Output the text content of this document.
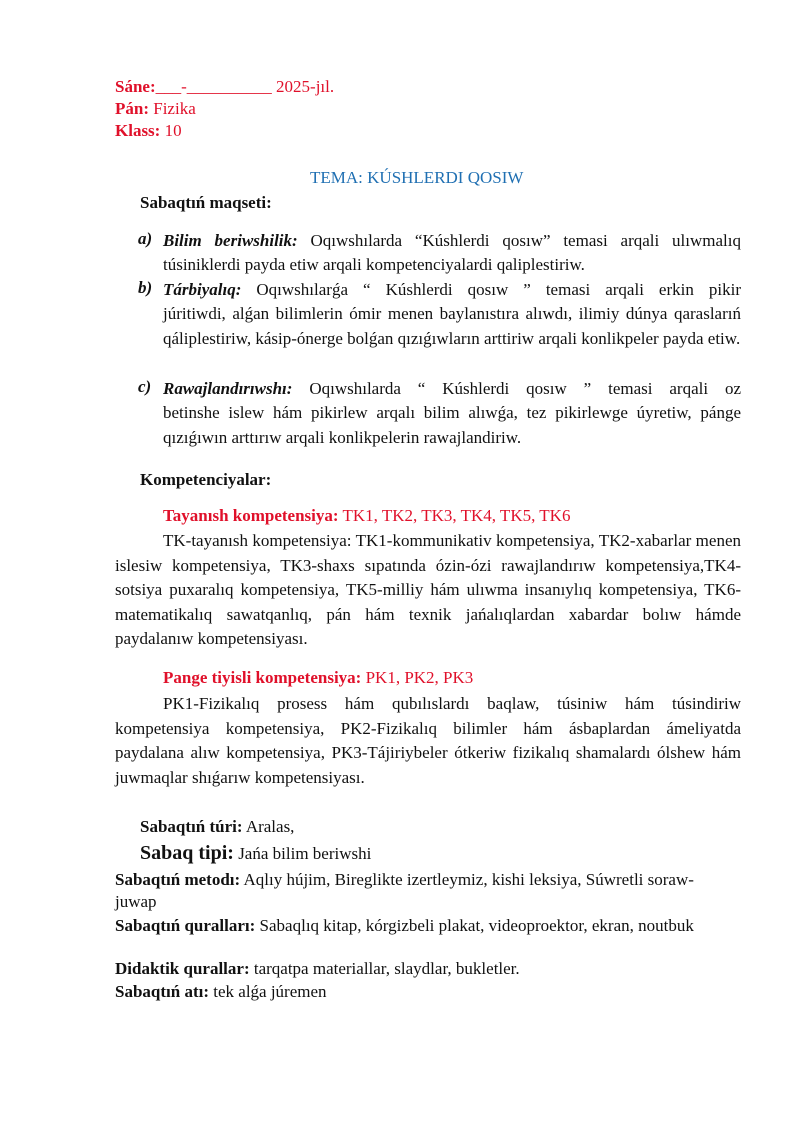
Sáne:___-__________ 2025-jıl.
Pán: Fizika
Klass: 10
TEMA: KÚSHLERDI QOSIW
Sabaqtıń maqseti:
a) Bilim beriwshilik: Oqıwshılarda “Kúshlerdi qosıw” temasi arqali ulıwmalıq
túsiniklerdi payda etiw arqali kompetenciyalardi qaliplestiriw.
b) Tárbiyalıq: Oqıwshılarǵa “ Kúshlerdi qosıw ” temasi arqali erkin pikir
júritiwdi, alǵan bilimlerin ómir menen baylanıstıra alıwdı, ilimiy dúnya qaraslarıń qáliplestiriw, kásip-ónerge bolǵan qızıǵıwların arttiriw arqali konlikpeler payda etiw.
c) Rawajlandırıwshı: Oqıwshılarda “ Kúshlerdi qosıw ” temasi arqali oz
betinshe islew hám pikirlew arqalı bilim alıwǵa, tez pikirlewge úyretiw, pánge qızıǵıwın arttırıw arqali konlikpelerin rawajlandiriw.
Kompetenciyalar:
Tayanısh kompetensiya: TK1, TK2, TK3, TK4, TK5, TK6
TK-tayanısh kompetensiya: TK1-kommunikativ kompetensiya, TK2-xabarlar menen islesiw kompetensiya, TK3-shaxs sıpatında ózin-ózi rawajlandırıw kompetensiya,TK4-sotsiya puxaralıq kompetensiya, TK5-milliy hám ulıwma insanıylıq kompetensiya, TK6-matematikalıq sawatqanlıq, pán hám texnik jańalıqlardan xabardar bolıw hámde paydalanıw kompetensiyası.
Pange tiyisli kompetensiya: PK1, PK2, PK3
PK1-Fizikalıq prosess hám qubılıslardı baqlaw, túsiniw hám túsindiriw kompetensiya kompetensiya, PK2-Fizikalıq bilimler hám ásbaplardan ámeliyatda paydalana alıw kompetensiya, PK3-Tájiriybeler ótkeriw fizikalıq shamalardı ólshew hám juwmaqlar shıǵarıw kompetensiyası.
Sabaqtıń túri: Aralas,
Sabaq tipi: Jańa bilim beriwshi
Sabaqtıń metodı: Aqlıy hújim, Bireglikte izertleymiz, kishi leksiya, Súwretli soraw-juwap
Sabaqtıń quralları: Sabaqlıq kitap, kórgizbeli plakat, videoproektor, ekran, noutbuk
Didaktik qurallar: tarqatpa materiallar, slaydlar, bukletler.
Sabaqtıń atı: tek alǵa júremen
